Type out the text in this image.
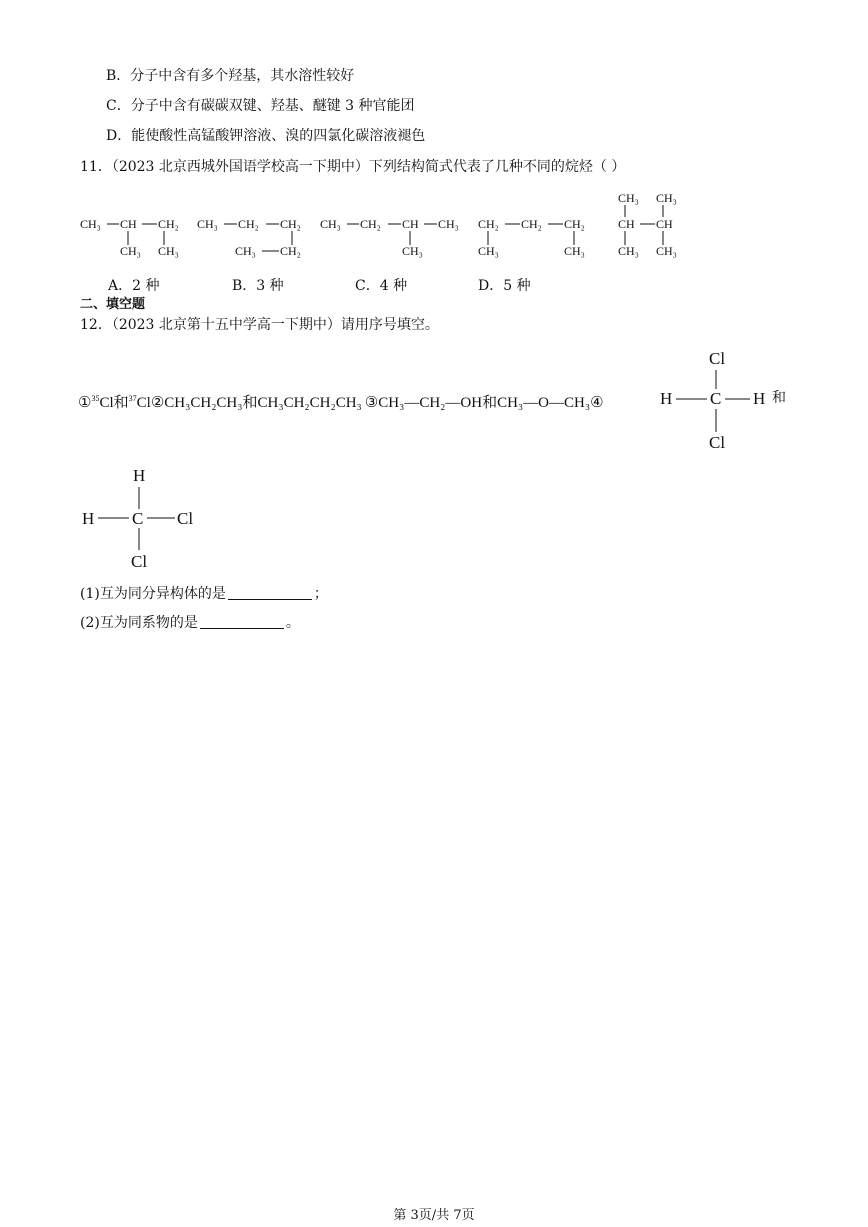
B．分子中含有多个羟基，其水溶性较好
C．分子中含有碳碳双键、羟基、醚键 3 种官能团
D．能使酸性高锰酸钾溶液、溴的四氯化碳溶液褪色
11．（2023 北京西城外国语学校高一下期中）下列结构简式代表了几种不同的烷烃（ ）
CH₃ CH CH₂
CH₃ CH₃
CH₃ CH₂ CH₂
CH₃ CH₂
CH₃ CH₂ CH CH₃
CH₃
CH₂ CH₂ CH₂
CH₃	CH₃
CH₃ CH₃
CH CH
CH₃ CH₃
A．2 种	B．3 种	C．4 种	D．5 种
二、填空题
12．（2023 北京第十五中学高一下期中）请用序号填空。
①$^{35}$Cl和$^{37}$Cl②CH₃CH₂CH₃和CH₃CH₂CH₂CH₃ ③CH₃—CH₂—OH和CH₃—O—CH₃④
Cl
H C H
Cl
和
H
H C Cl
Cl
(1)互为同分异构体的是	；
(2)互为同系物的是	。
第 3页/共 7页
